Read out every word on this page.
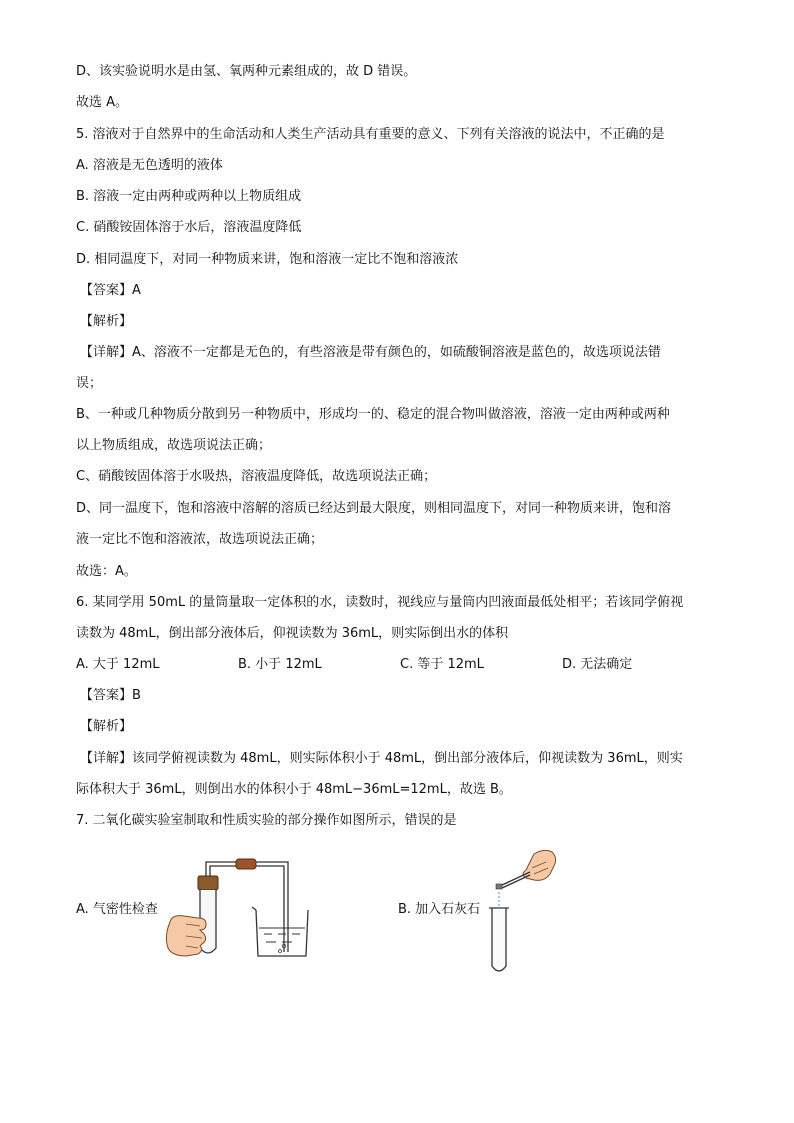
D、该实验说明水是由氢、氧两种元素组成的，故 D 错误。
故选 A。
5. 溶液对于自然界中的生命活动和人类生产活动具有重要的意义、下列有关溶液的说法中，不正确的是
A. 溶液是无色透明的液体
B. 溶液一定由两种或两种以上物质组成
C. 硝酸铵固体溶于水后，溶液温度降低
D. 相同温度下，对同一种物质来讲，饱和溶液一定比不饱和溶液浓
【答案】A
【解析】
【详解】A、溶液不一定都是无色的，有些溶液是带有颜色的，如硫酸铜溶液是蓝色的，故选项说法错
误；
B、一种或几种物质分散到另一种物质中，形成均一的、稳定的混合物叫做溶液，溶液一定由两种或两种
以上物质组成，故选项说法正确；
C、硝酸铵固体溶于水吸热，溶液温度降低，故选项说法正确；
D、同一温度下，饱和溶液中溶解的溶质已经达到最大限度，则相同温度下，对同一种物质来讲，饱和溶
液一定比不饱和溶液浓，故选项说法正确；
故选：A。
6. 某同学用 50mL 的量筒量取一定体积的水，读数时，视线应与量筒内凹液面最低处相平；若该同学俯视
读数为 48mL，倒出部分液体后，仰视读数为 36mL，则实际倒出水的体积
A. 大于 12mL	B. 小于 12mL	C. 等于 12mL	D. 无法确定
【答案】B
【解析】
【详解】该同学俯视读数为 48mL，则实际体积小于 48mL，倒出部分液体后，仰视读数为 36mL，则实
际体积大于 36mL，则倒出水的体积小于 48mL−36mL=12mL，故选 B。
7. 二氧化碳实验室制取和性质实验的部分操作如图所示，错误的是
A. 气密性检查	B. 加入石灰石
